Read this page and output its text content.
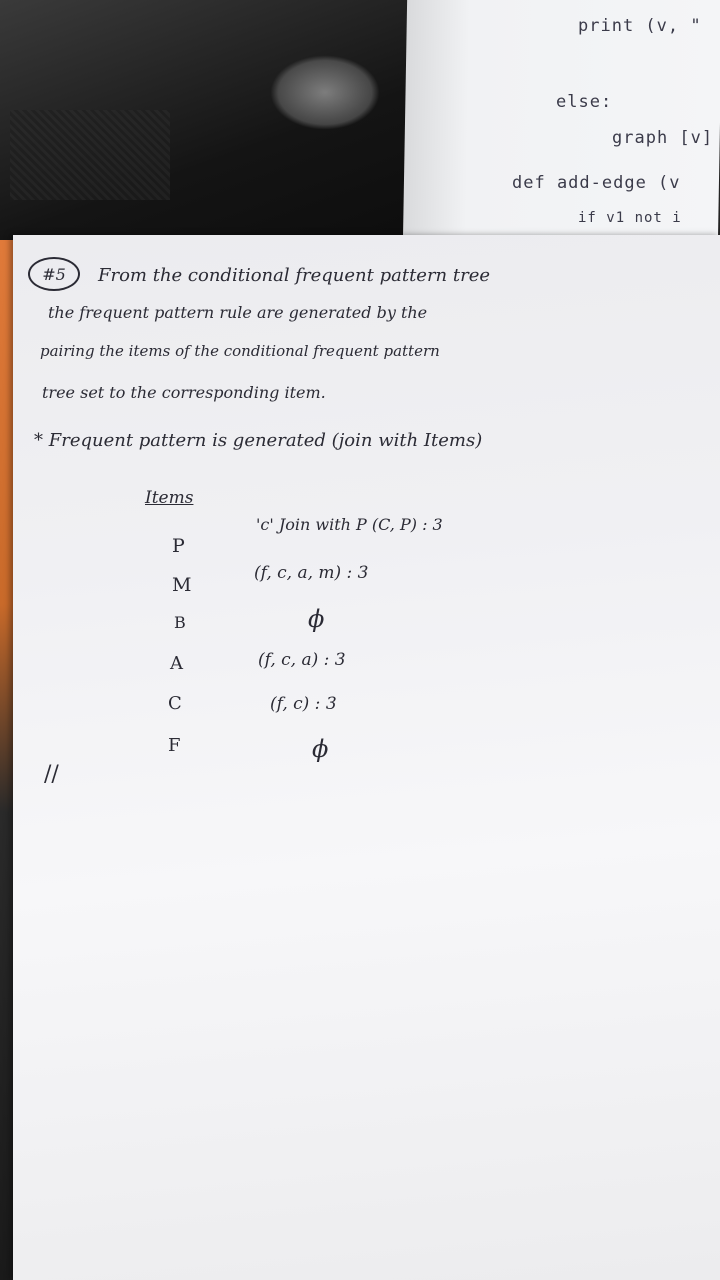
print (v, "
else:
graph [v]
def add-edge (v
if v1 not i
#5	From the conditional frequent pattern tree
the frequent pattern rule are generated by the
pairing the items of the conditional frequent pattern
tree set to the corresponding item.
* Frequent pattern is generated (join with Items)
Items
P
M
B
A
C
F
'c' Join with P (C, P) : 3
(f, c, a, m) : 3
ϕ
(f, c, a) : 3
(f, c) : 3
ϕ
//
